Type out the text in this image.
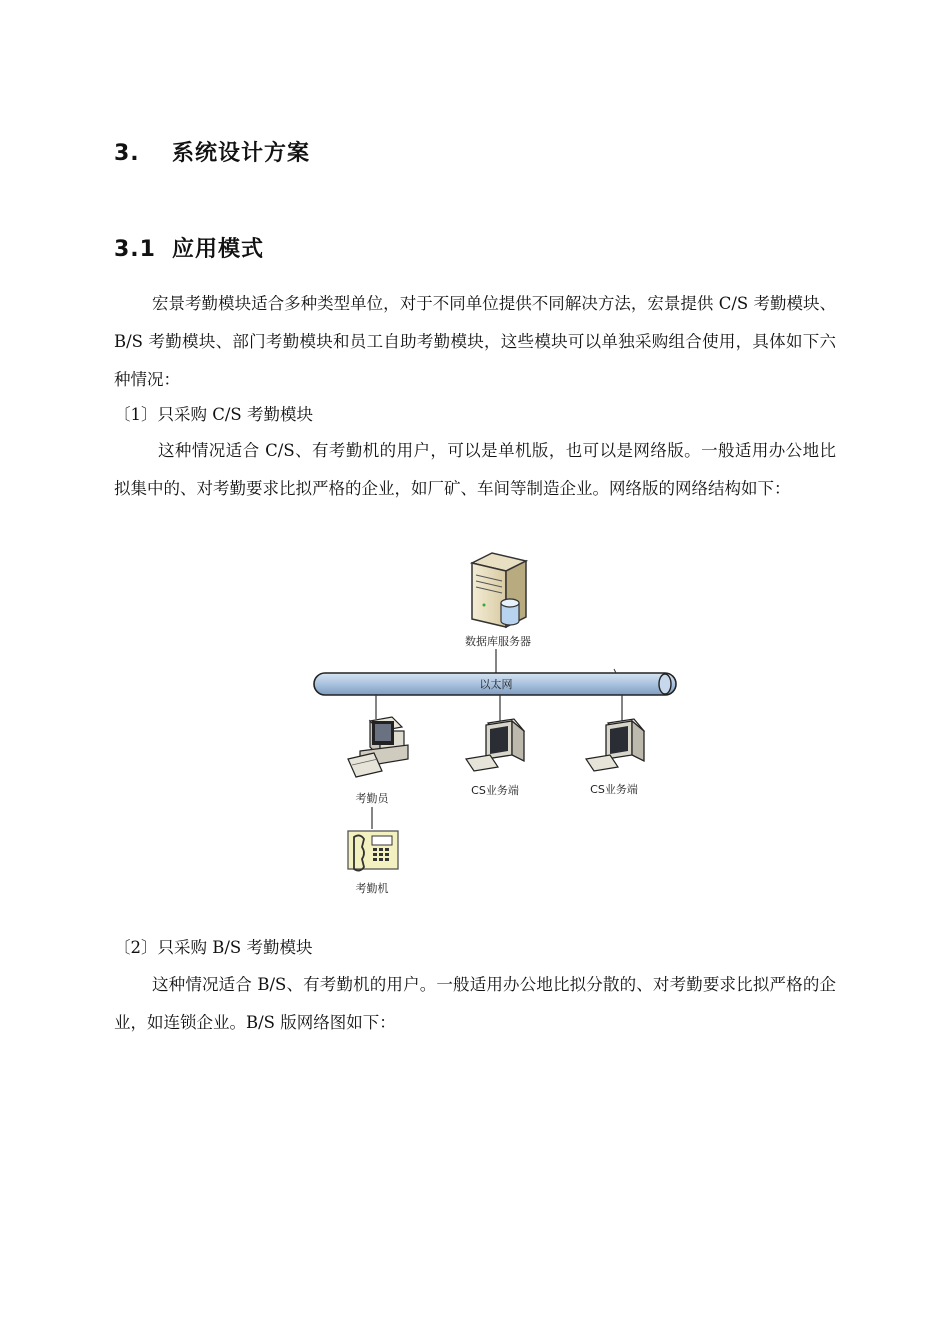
3. 系统设计方案
3.1 应用模式
宏景考勤模块适合多种类型单位，对于不同单位提供不同解决方法，宏景提供 C/S 考勤模块、B/S 考勤模块、部门考勤模块和员工自助考勤模块，这些模块可以单独采购组合使用，具体如下六种情况：
〔1〕只采购 C/S 考勤模块
这种情况适合 C/S、有考勤机的用户，可以是单机版，也可以是网络版。一般适用办公地比拟集中的、对考勤要求比拟严格的企业，如厂矿、车间等制造企业。网络版的网络结构如下：
数据库服务器
以太网
考勤员
CS业务端	CS业务端
考勤机
〔2〕只采购 B/S 考勤模块
这种情况适合 B/S、有考勤机的用户。一般适用办公地比拟分散的、对考勤要求比拟严格的企业，如连锁企业。B/S 版网络图如下：
